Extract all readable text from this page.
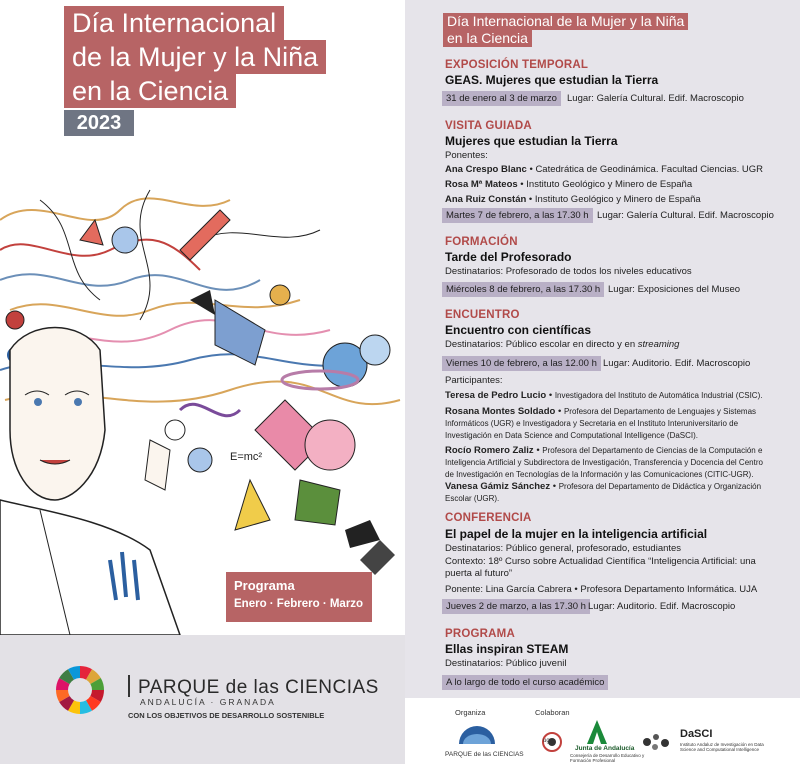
Día Internacional
de la Mujer y la Niña
en la Ciencia
2023
E=mc²
Programa
Enero · Febrero · Marzo
PARQUE de las CIENCIAS
ANDALUCÍA · GRANADA
CON LOS OBJETIVOS DE DESARROLLO SOSTENIBLE
Día Internacional de la Mujer y la Niña
en la Ciencia
EXPOSICIÓN TEMPORAL
GEAS. Mujeres que estudian la Tierra
31 de enero al 3 de marzo	Lugar: Galería Cultural. Edif. Macroscopio
VISITA GUIADA
Mujeres que estudian la Tierra
Ponentes:
Ana Crespo Blanc • Catedrática de Geodinámica. Facultad Ciencias. UGR
Rosa Mª Mateos • Instituto Geológico y Minero de España
Ana Ruiz Constán • Instituto Geológico y Minero de España
Martes 7 de febrero, a las 17.30 h Lugar: Galería Cultural. Edif. Macroscopio
FORMACIÓN
Tarde del Profesorado
Destinatarios: Profesorado de todos los niveles educativos
Miércoles 8 de febrero, a las 17.30 h Lugar: Exposiciones del Museo
ENCUENTRO
Encuentro con científicas
Destinatarios: Público escolar en directo y en streaming
Viernes 10 de febrero, a las 12.00 h Lugar: Auditorio. Edif. Macroscopio
Participantes:
Teresa de Pedro Lucio • Investigadora del Instituto de Automática Industrial (CSIC).
Rosana Montes Soldado • Profesora del Departamento de Lenguajes y Sistemas
Informáticos (UGR) e Investigadora y Secretaria en el Instituto Interuniversitario de
Investigación en Data Science and Computational Intelligence (DaSCI).
Rocío Romero Zaliz • Profesora del Departamento de Ciencias de la Computación e
Inteligencia Artificial y Subdirectora de Investigación, Transferencia y Docencia del Centro
de Investigación en Tecnologías de la Información y las Comunicaciones (CITIC-UGR).
Vanesa Gámiz Sánchez • Profesora del Departamento de Didáctica y Organización
Escolar (UGR).
CONFERENCIA
El papel de la mujer en la inteligencia artificial
Destinatarios: Público general, profesorado, estudiantes
Contexto: 18º Curso sobre Actualidad Científica “Inteligencia Artificial: una
puerta al futuro”
Ponente: Lina García Cabrera • Profesora Departamento Informática. UJA
Jueves 2 de marzo, a las 17.30 h Lugar: Auditorio. Edif. Macroscopio
PROGRAMA
Ellas inspiran STEAM
Destinatarios: Público juvenil
A lo largo de todo el curso académico
Organiza	Colaboran
PARQUE de las CIENCIAS
ugr
Junta de Andalucía
Consejería de Desarrollo Educativo y Formación Profesional
DaSCI
Instituto Andaluz de Investigación en Data Science and Computational Intelligence
